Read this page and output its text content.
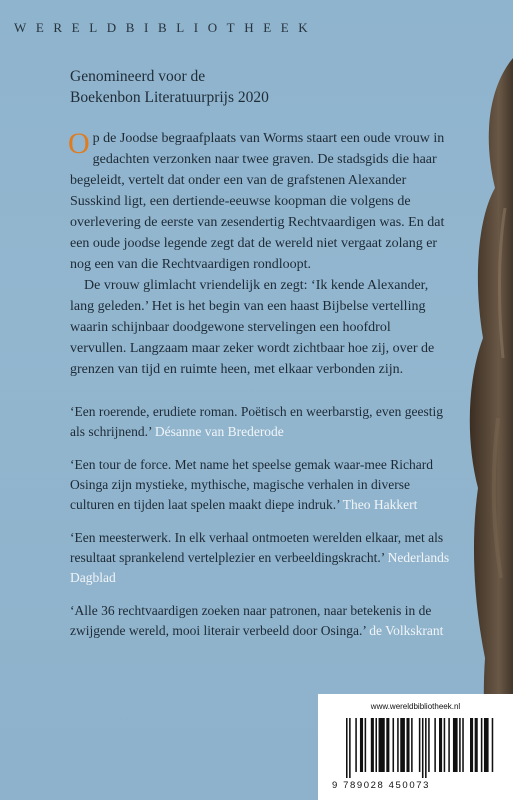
WERELDBIBLIOTHEEK
Genomineerd voor de
Boekenbon Literatuurprijs 2020

Op de Joodse begraafplaats van Worms staart een oude vrouw in gedachten verzonken naar twee graven. De stadsgids die haar begeleidt, vertelt dat onder een van de grafstenen Alexander Susskind ligt, een dertiende-eeuwse koopman die volgens de overlevering de eerste van zesendertig Rechtvaardigen was. En dat een oude joodse legende zegt dat de wereld niet vergaat zolang er nog een van die Rechtvaardigen rondloopt.

De vrouw glimlacht vriendelijk en zegt: ‘Ik kende Alexander, lang geleden.’ Het is het begin van een haast Bijbelse vertelling waarin schijnbaar doodgewone stervelingen een hoofdrol vervullen. Langzaam maar zeker wordt zichtbaar hoe zij, over de grenzen van tijd en ruimte heen, met elkaar verbonden zijn.

‘Een roerende, erudiete roman. Poëtisch en weerbarstig, even geestig als schrijnend.’ Désanne van Brederode

‘Een tour de force. Met name het speelse gemak waar-mee Richard Osinga zijn mystieke, mythische, magische verhalen in diverse culturen en tijden laat spelen maakt diepe indruk.’ Theo Hakkert

‘Een meesterwerk. In elk verhaal ontmoeten werelden elkaar, met als resultaat sprankelend vertelplezier en verbeeldingskracht.’ Nederlands Dagblad

‘Alle 36 rechtvaardigen zoeken naar patronen, naar betekenis in de zwijgende wereld, mooi literair verbeeld door Osinga.’ de Volkskrant

www.wereldbibliotheek.nl
9 789028 450073
